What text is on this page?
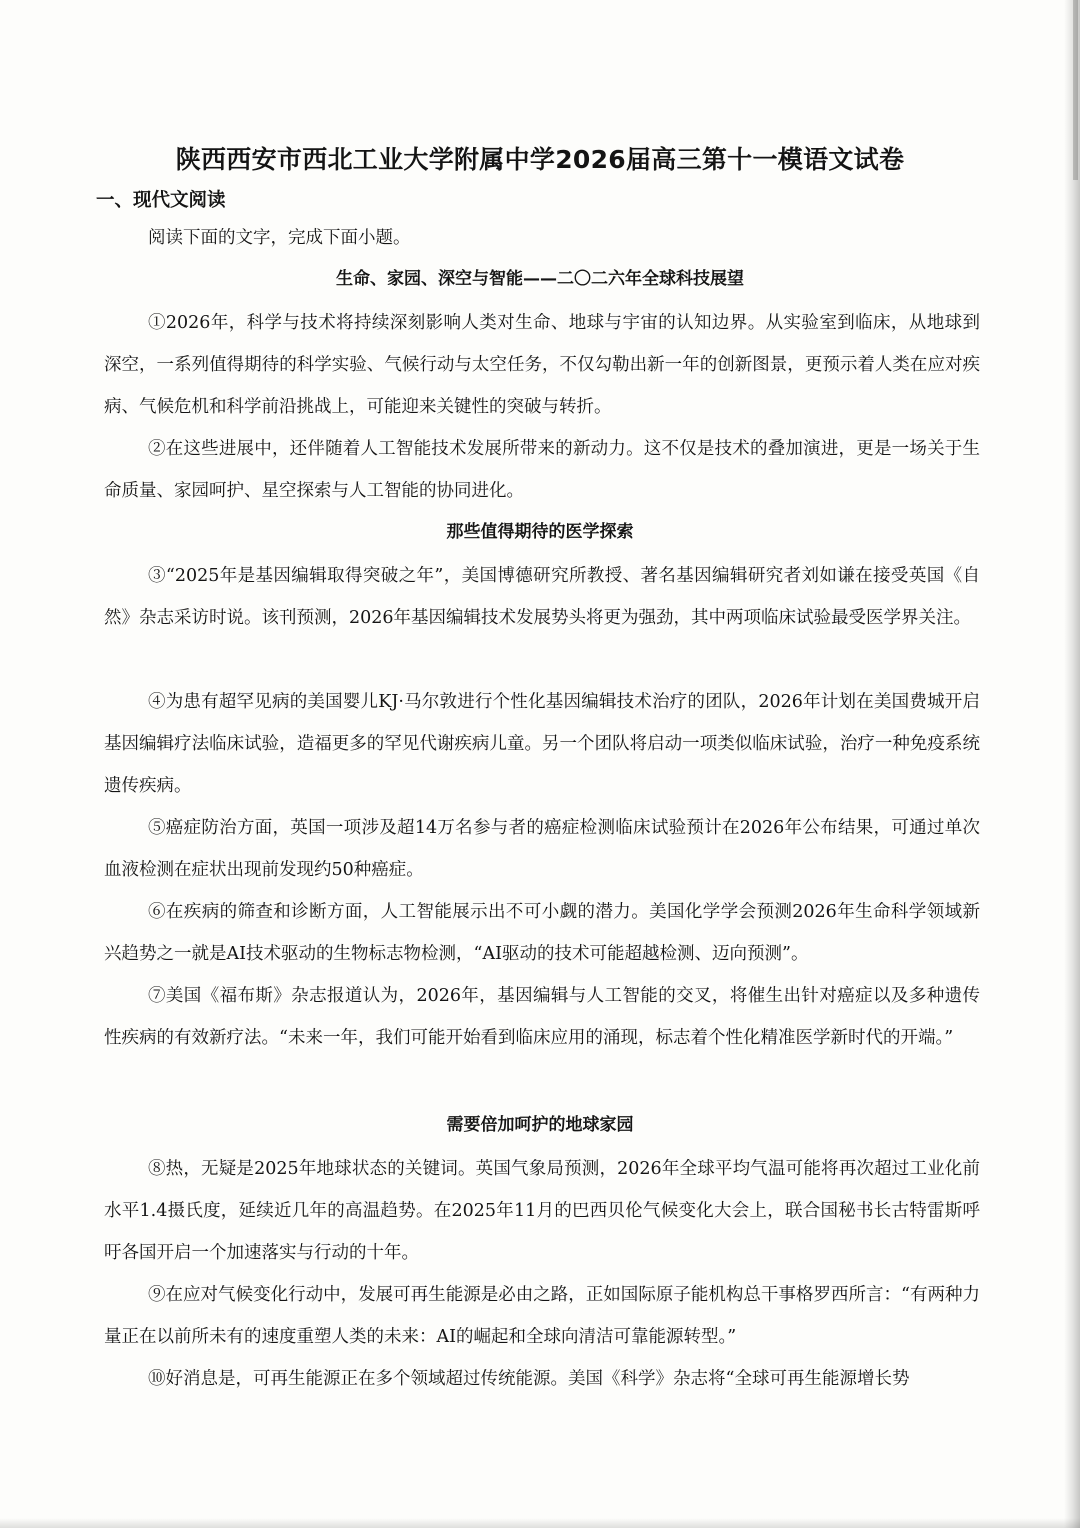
陕西西安市西北工业大学附属中学2026届高三第十一模语文试卷
一、现代文阅读
阅读下面的文字，完成下面小题。
生命、家园、深空与智能——二〇二六年全球科技展望
①2026年，科学与技术将持续深刻影响人类对生命、地球与宇宙的认知边界。从实验室到临床，从地球到深空，一系列值得期待的科学实验、气候行动与太空任务，不仅勾勒出新一年的创新图景，更预示着人类在应对疾病、气候危机和科学前沿挑战上，可能迎来关键性的突破与转折。
②在这些进展中，还伴随着人工智能技术发展所带来的新动力。这不仅是技术的叠加演进，更是一场关于生命质量、家园呵护、星空探索与人工智能的协同进化。
那些值得期待的医学探索
③“2025年是基因编辑取得突破之年”，美国博德研究所教授、著名基因编辑研究者刘如谦在接受英国《自然》杂志采访时说。该刊预测，2026年基因编辑技术发展势头将更为强劲，其中两项临床试验最受医学界关注。
④为患有超罕见病的美国婴儿KJ·马尔敦进行个性化基因编辑技术治疗的团队，2026年计划在美国费城开启基因编辑疗法临床试验，造福更多的罕见代谢疾病儿童。另一个团队将启动一项类似临床试验，治疗一种免疫系统遗传疾病。
⑤癌症防治方面，英国一项涉及超14万名参与者的癌症检测临床试验预计在2026年公布结果，可通过单次血液检测在症状出现前发现约50种癌症。
⑥在疾病的筛查和诊断方面，人工智能展示出不可小觑的潜力。美国化学学会预测2026年生命科学领域新兴趋势之一就是AI技术驱动的生物标志物检测，“AI驱动的技术可能超越检测、迈向预测”。
⑦美国《福布斯》杂志报道认为，2026年，基因编辑与人工智能的交叉，将催生出针对癌症以及多种遗传性疾病的有效新疗法。“未来一年，我们可能开始看到临床应用的涌现，标志着个性化精准医学新时代的开端。”
需要倍加呵护的地球家园
⑧热，无疑是2025年地球状态的关键词。英国气象局预测，2026年全球平均气温可能将再次超过工业化前水平1.4摄氏度，延续近几年的高温趋势。在2025年11月的巴西贝伦气候变化大会上，联合国秘书长古特雷斯呼吁各国开启一个加速落实与行动的十年。
⑨在应对气候变化行动中，发展可再生能源是必由之路，正如国际原子能机构总干事格罗西所言：“有两种力量正在以前所未有的速度重塑人类的未来：AI的崛起和全球向清洁可靠能源转型。”
⑩好消息是，可再生能源正在多个领域超过传统能源。美国《科学》杂志将“全球可再生能源增长势
